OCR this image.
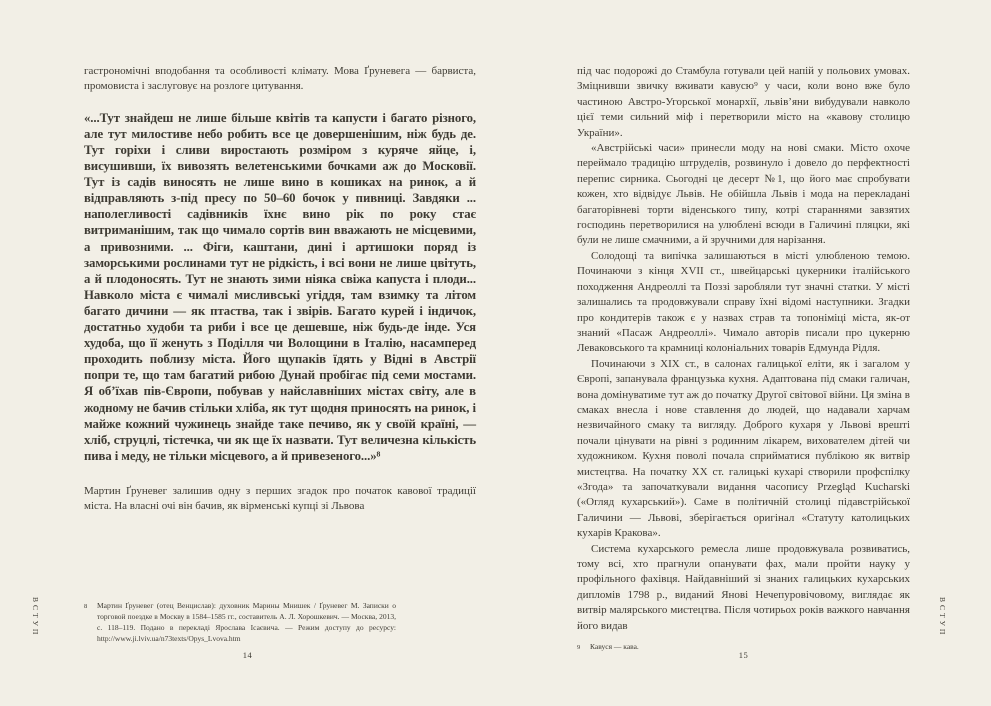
гастрономічні вподобання та особливості клімату. Мова Ґруневега — барвиста, промовиста і заслуговує на розлоге цитування.

«...Тут знайдеш не лише більше квітів та капусти і багато різного, але тут милостиве небо робить все це довершенішим, ніж будь де. Тут горіхи і сливи виростають розміром з куряче яйце, і, висушивши, їх вивозять велетенськими бочками аж до Московії. Тут із садів виносять не лише вино в кошиках на ринок, а й відправляють з-під пресу по 50–60 бочок у пивниці. Завдяки ... наполегливості садівників їхнє вино рік по року стає витриманішим, так що чимало сортів вин вважають не місцевими, а привозними. ... Фіги, каштани, дині і артишоки поряд із заморськими рослинами тут не рідкість, і всі вони не лише цвітуть, а й плодоносять. Тут не знають зими ніяка свіжа капуста і плоди... Навколо міста є чималі мисливські угіддя, там взимку та літом багато дичини — як птаства, так і звірів. Багато курей і індичок, достатньо худоби та риби і все це дешевше, ніж будь-де інде. Уся худоба, що її женуть з Поділля чи Волощини в Італію, насамперед проходить поблизу міста. Його щупаків їдять у Відні в Австрії попри те, що там багатий рибою Дунай пробігає під семи мостами. Я об’їхав пів-Європи, побував у найславніших містах світу, але в жодному не бачив стільки хліба, як тут щодня приносять на ринок, і майже кожний чужинець знайде таке печиво, як у своїй країні, — хліб, струцлі, тістечка, чи як ще їх назвати. Тут величезна кількість пива і меду, не тільки місцевого, а й привезеного...»⁸

Мартин Ґруневег залишив одну з перших згадок про початок кавової традиції міста. На власні очі він бачив, як вірменські купці зі Львова

8	Мартин Ґруневег (отец Венцислав): духовник Марины Мнишек / Ґруневег М. Записки о торговой поездке в Москву в 1584–1585 гг., составитель А. Л. Хорошкевич. — Москва, 2013, с. 118–119. Подано в перекладі Ярослава Ісаєвича. — Режим доступу до ресурсу: http://www.ji.lviv.ua/n73texts/Opys_Lvova.htm
ВСТУП
14

під час подорожі до Стамбула готували цей напій у польових умовах. Зміцнивши звичку вживати кавусю⁹ у часи, коли воно вже було частиною Австро-Угорської монархії, львів’яни вибудували навколо цієї теми сильний міф і перетворили місто на «кавову столицю України».

«Австрійські часи» принесли моду на нові смаки. Місто охоче переймало традицію штруделів, розвинуло і довело до перфектності перепис сирника. Сьогодні це десерт №1, що його має спробувати кожен, хто відвідує Львів. Не обійшла Львів і мода на перекладані багаторівневі торти віденського типу, котрі стараннями завзятих господинь перетворилися на улюблені всюди в Галичині пляцки, які були не лише смачними, а й зручними для нарізання.

Солодощі та випічка залишаються в місті улюбленою темою. Починаючи з кінця XVII ст., швейцарські цукерники італійського походження Андреоллі та Поззі заробляли тут значні статки. У місті залишались та продовжували справу їхні відомі наступники. Згадки про кондитерів також є у назвах страв та топоніміці міста, як-от знаний «Пасаж Андреоллі». Чимало авторів писали про цукерню Леваковського та крамниці колоніальних товарів Едмунда Рідля.

Починаючи з XIX ст., в салонах галицької еліти, як і загалом у Європі, запанувала французька кухня. Адаптована під смаки галичан, вона домінуватиме тут аж до початку Другої світової війни. Ця зміна в смаках внесла і нове ставлення до людей, що надавали харчам незвичайного смаку та вигляду. Доброго кухаря у Львові врешті почали цінувати на рівні з родинним лікарем, вихователем дітей чи художником. Кухня поволі почала сприйматися публікою як витвір мистецтва. На початку XX ст. галицькі кухарі створили профспілку «Згода» та започаткували видання часопису Przegląd Kucharski («Огляд кухарський»). Саме в політичній столиці підавстрійської Галичини — Львові, зберігається оригінал «Статуту католицьких кухарів Кракова».

Система кухарського ремесла лише продовжувала розвиватись, тому всі, хто прагнули опанувати фах, мали пройти науку у профільного фахівця. Найдавніший зі знаних галицьких кухарських дипломів 1798 р., виданий Янові Нечепуровічовому, виглядає як витвір малярського мистецтва. Після чотирьох років важкого навчання його видав

9	Кавуся — кава.
ВСТУП
15
